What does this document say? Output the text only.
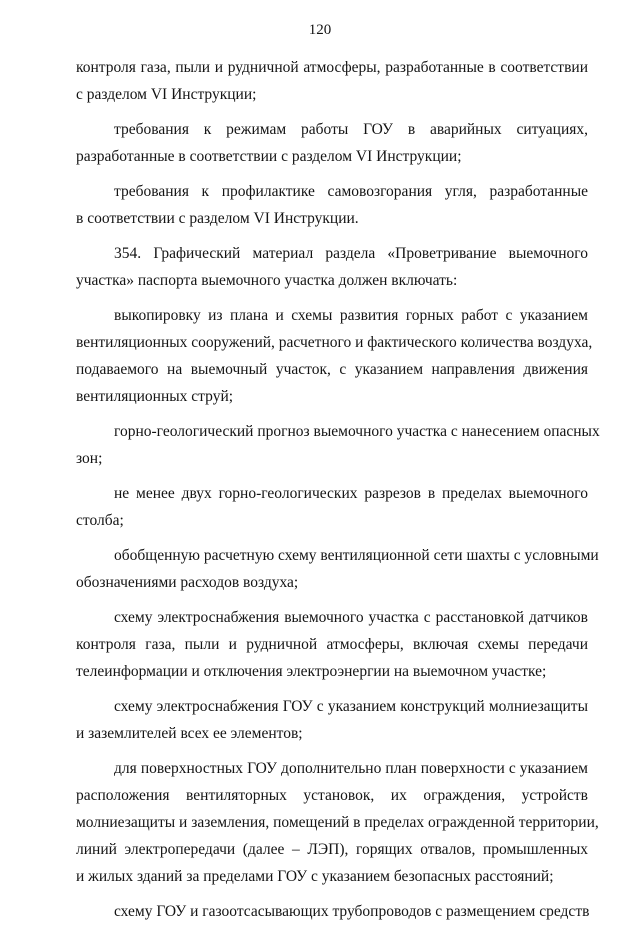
120
контроля газа, пыли и рудничной атмосферы, разработанные в соответствии
с разделом VI Инструкции;
требования к режимам работы ГОУ в аварийных ситуациях,
разработанные в соответствии с разделом VI Инструкции;
требования к профилактике самовозгорания угля, разработанные
в соответствии с разделом VI Инструкции.
354. Графический материал раздела «Проветривание выемочного
участка» паспорта выемочного участка должен включать:
выкопировку из плана и схемы развития горных работ с указанием
вентиляционных сооружений, расчетного и фактического количества воздуха,
подаваемого на выемочный участок, с указанием направления движения
вентиляционных струй;
горно-геологический прогноз выемочного участка с нанесением опасных
зон;
не менее двух горно-геологических разрезов в пределах выемочного
столба;
обобщенную расчетную схему вентиляционной сети шахты с условными
обозначениями расходов воздуха;
схему электроснабжения выемочного участка с расстановкой датчиков
контроля газа, пыли и рудничной атмосферы, включая схемы передачи
телеинформации и отключения электроэнергии на выемочном участке;
схему электроснабжения ГОУ с указанием конструкций молниезащиты
и заземлителей всех ее элементов;
для поверхностных ГОУ дополнительно план поверхности с указанием
расположения вентиляторных установок, их ограждения, устройств
молниезащиты и заземления, помещений в пределах огражденной территории,
линий электропередачи (далее – ЛЭП), горящих отвалов, промышленных
и жилых зданий за пределами ГОУ с указанием безопасных расстояний;
схему ГОУ и газоотсасывающих трубопроводов с размещением средств
